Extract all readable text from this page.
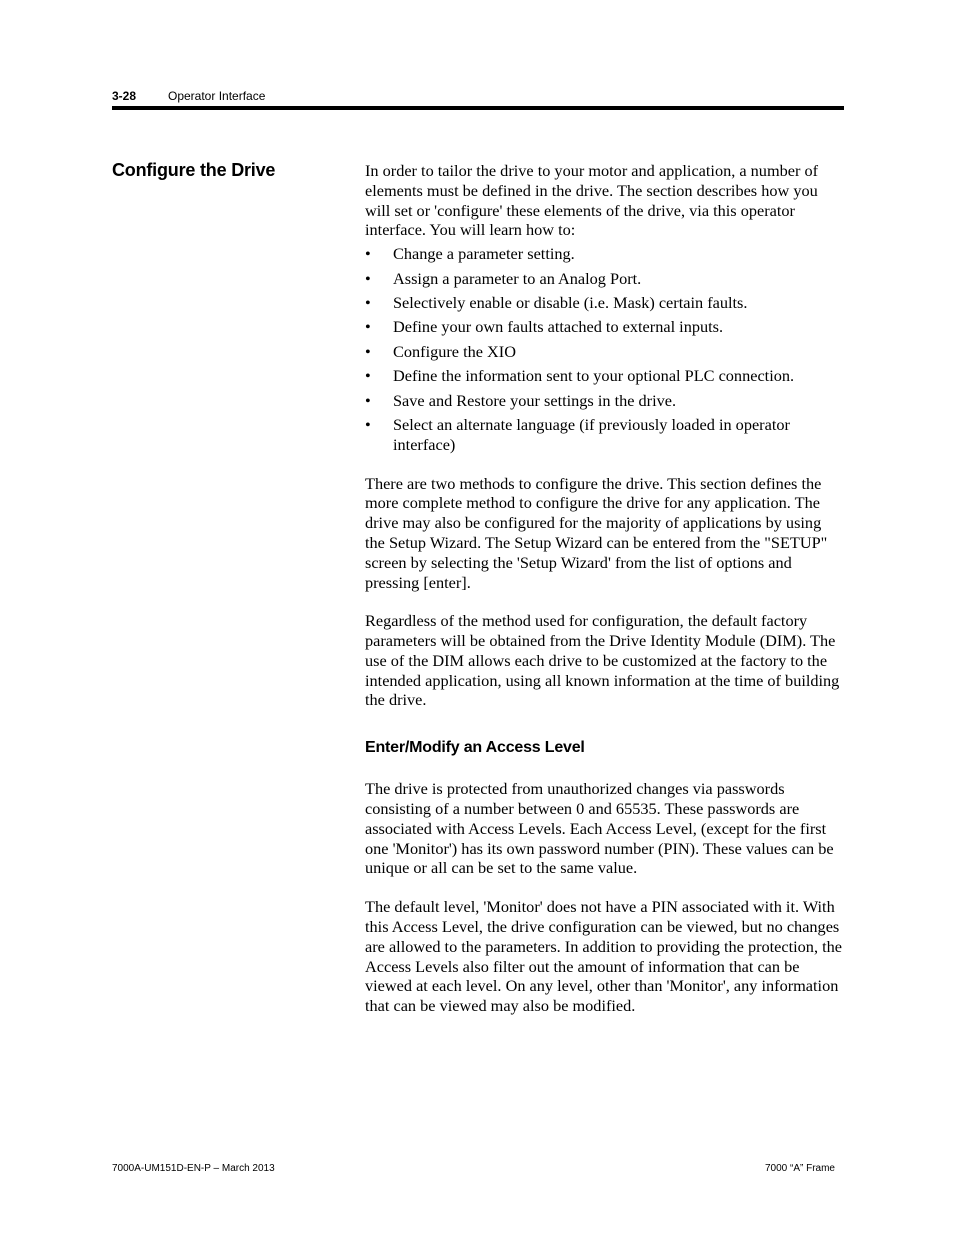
3-28	Operator Interface
Configure the Drive	In order to tailor the drive to your motor and application, a number of elements must be defined in the drive. The section describes how you will set or 'configure' these elements of the drive, via this operator interface. You will learn how to:

• Change a parameter setting.
• Assign a parameter to an Analog Port.
• Selectively enable or disable (i.e. Mask) certain faults.
• Define your own faults attached to external inputs.
• Configure the XIO
• Define the information sent to your optional PLC connection.
• Save and Restore your settings in the drive.
• Select an alternate language (if previously loaded in operator interface)

There are two methods to configure the drive. This section defines the more complete method to configure the drive for any application. The drive may also be configured for the majority of applications by using the Setup Wizard. The Setup Wizard can be entered from the "SETUP" screen by selecting the 'Setup Wizard' from the list of options and pressing [enter].

Regardless of the method used for configuration, the default factory parameters will be obtained from the Drive Identity Module (DIM). The use of the DIM allows each drive to be customized at the factory to the intended application, using all known information at the time of building the drive.

Enter/Modify an Access Level

The drive is protected from unauthorized changes via passwords consisting of a number between 0 and 65535. These passwords are associated with Access Levels. Each Access Level, (except for the first one 'Monitor') has its own password number (PIN). These values can be unique or all can be set to the same value.

The default level, 'Monitor' does not have a PIN associated with it. With this Access Level, the drive configuration can be viewed, but no changes are allowed to the parameters. In addition to providing the protection, the Access Levels also filter out the amount of information that can be viewed at each level. On any level, other than 'Monitor', any information that can be viewed may also be modified.

7000A-UM151D-EN-P – March 2013	7000 “A” Frame
